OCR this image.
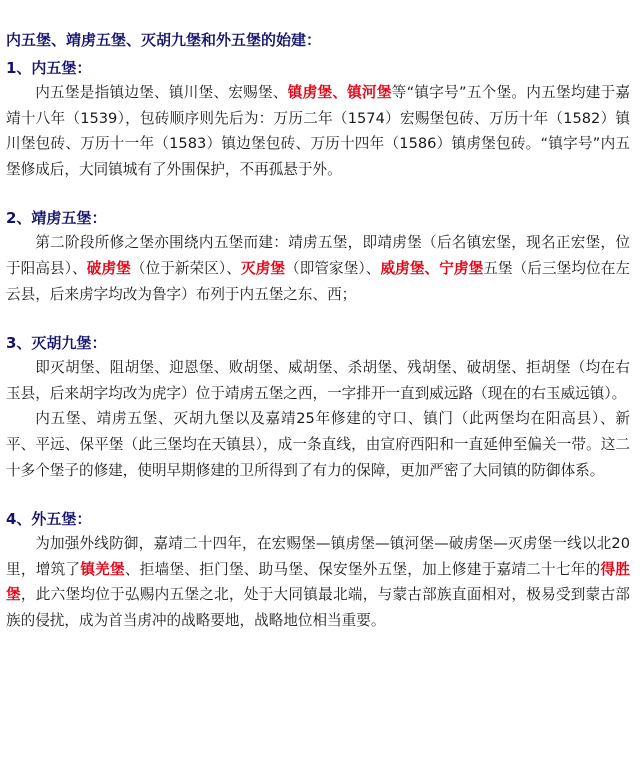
内五堡、靖虏五堡、灭胡九堡和外五堡的始建：
1、内五堡：

内五堡是指镇边堡、镇川堡、宏赐堡、镇虏堡、镇河堡等“镇字号”五个堡。内五堡均建于嘉靖十八年（1539），包砖顺序则先后为：万历二年（1574）宏赐堡包砖、万历十年（1582）镇川堡包砖、万历十一年（1583）镇边堡包砖、万历十四年（1586）镇虏堡包砖。“镇字号”内五堡修成后，大同镇城有了外围保护，不再孤悬于外。

2、靖虏五堡：

第二阶段所修之堡亦围绕内五堡而建：靖虏五堡，即靖虏堡（后名镇宏堡，现名正宏堡，位于阳高县）、破虏堡（位于新荣区）、灭虏堡（即管家堡）、威虏堡、宁虏堡五堡（后三堡均位在左云县，后来虏字均改为鲁字）布列于内五堡之东、西；

3、灭胡九堡：

即灭胡堡、阻胡堡、迎恩堡、败胡堡、威胡堡、杀胡堡、残胡堡、破胡堡、拒胡堡（均在右玉县，后来胡字均改为虎字）位于靖虏五堡之西，一字排开一直到威远路（现在的右玉威远镇）。

内五堡、靖虏五堡、灭胡九堡以及嘉靖25年修建的守口、镇门（此两堡均在阳高县）、新平、平远、保平堡（此三堡均在天镇县），成一条直线，由宣府西阳和一直延伸至偏关一带。这二十多个堡子的修建，使明早期修建的卫所得到了有力的保障，更加严密了大同镇的防御体系。

4、外五堡：

为加强外线防御，嘉靖二十四年，在宏赐堡—镇虏堡—镇河堡—破虏堡—灭虏堡一线以北20里，增筑了镇羌堡、拒墙堡、拒门堡、助马堡、保安堡外五堡，加上修建于嘉靖二十七年的得胜堡，此六堡均位于弘赐内五堡之北，处于大同镇最北端，与蒙古部族直面相对，极易受到蒙古部族的侵扰，成为首当虏冲的战略要地，战略地位相当重要。
